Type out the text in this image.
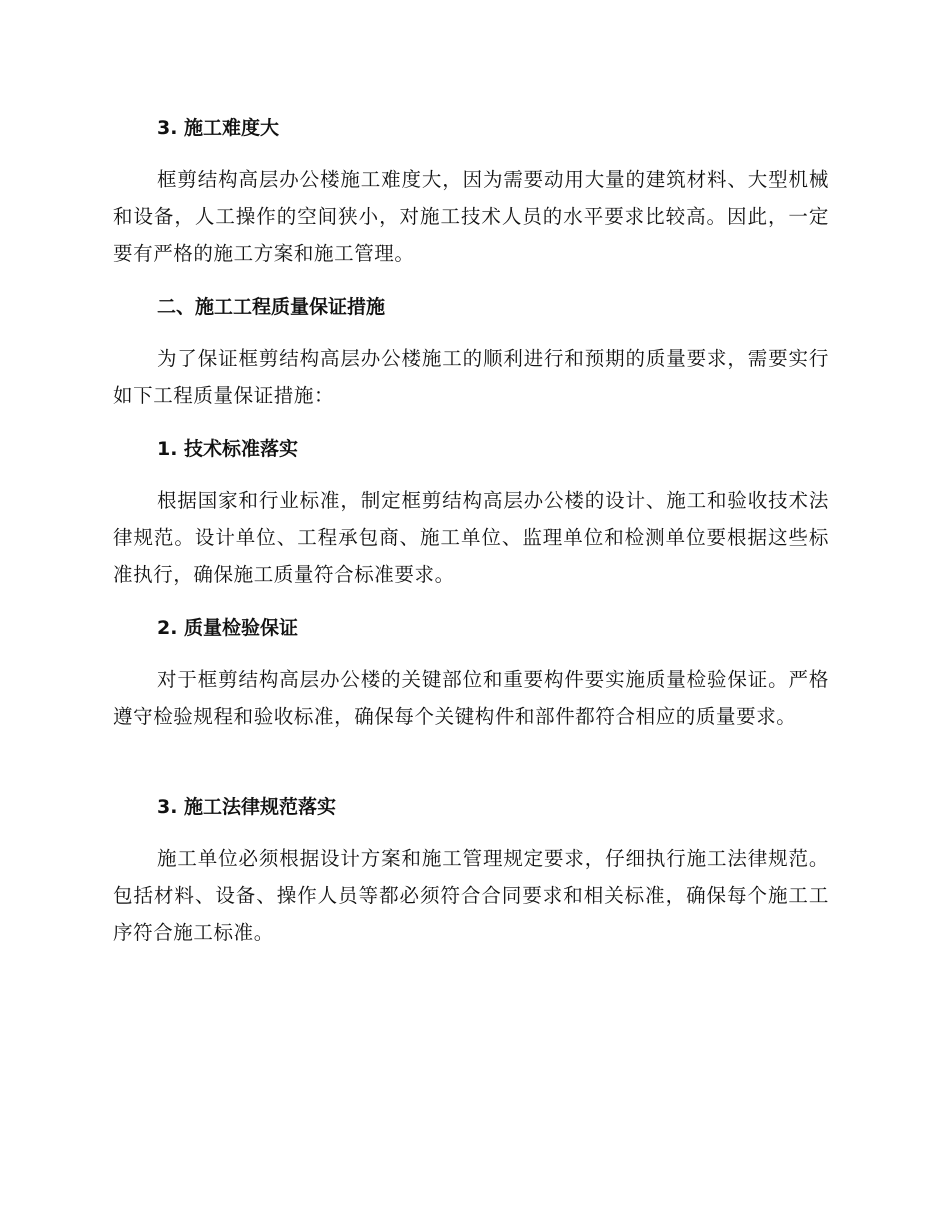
3. 施工难度大

框剪结构高层办公楼施工难度大，因为需要动用大量的建筑材料、大型机械和设备，人工操作的空间狭小，对施工技术人员的水平要求比较高。因此，一定要有严格的施工方案和施工管理。

二、施工工程质量保证措施

为了保证框剪结构高层办公楼施工的顺利进行和预期的质量要求，需要实行如下工程质量保证措施：

1. 技术标准落实

根据国家和行业标准，制定框剪结构高层办公楼的设计、施工和验收技术法律规范。设计单位、工程承包商、施工单位、监理单位和检测单位要根据这些标准执行，确保施工质量符合标准要求。

2. 质量检验保证

对于框剪结构高层办公楼的关键部位和重要构件要实施质量检验保证。严格遵守检验规程和验收标准，确保每个关键构件和部件都符合相应的质量要求。

3. 施工法律规范落实

施工单位必须根据设计方案和施工管理规定要求，仔细执行施工法律规范。包括材料、设备、操作人员等都必须符合合同要求和相关标准，确保每个施工工序符合施工标准。
